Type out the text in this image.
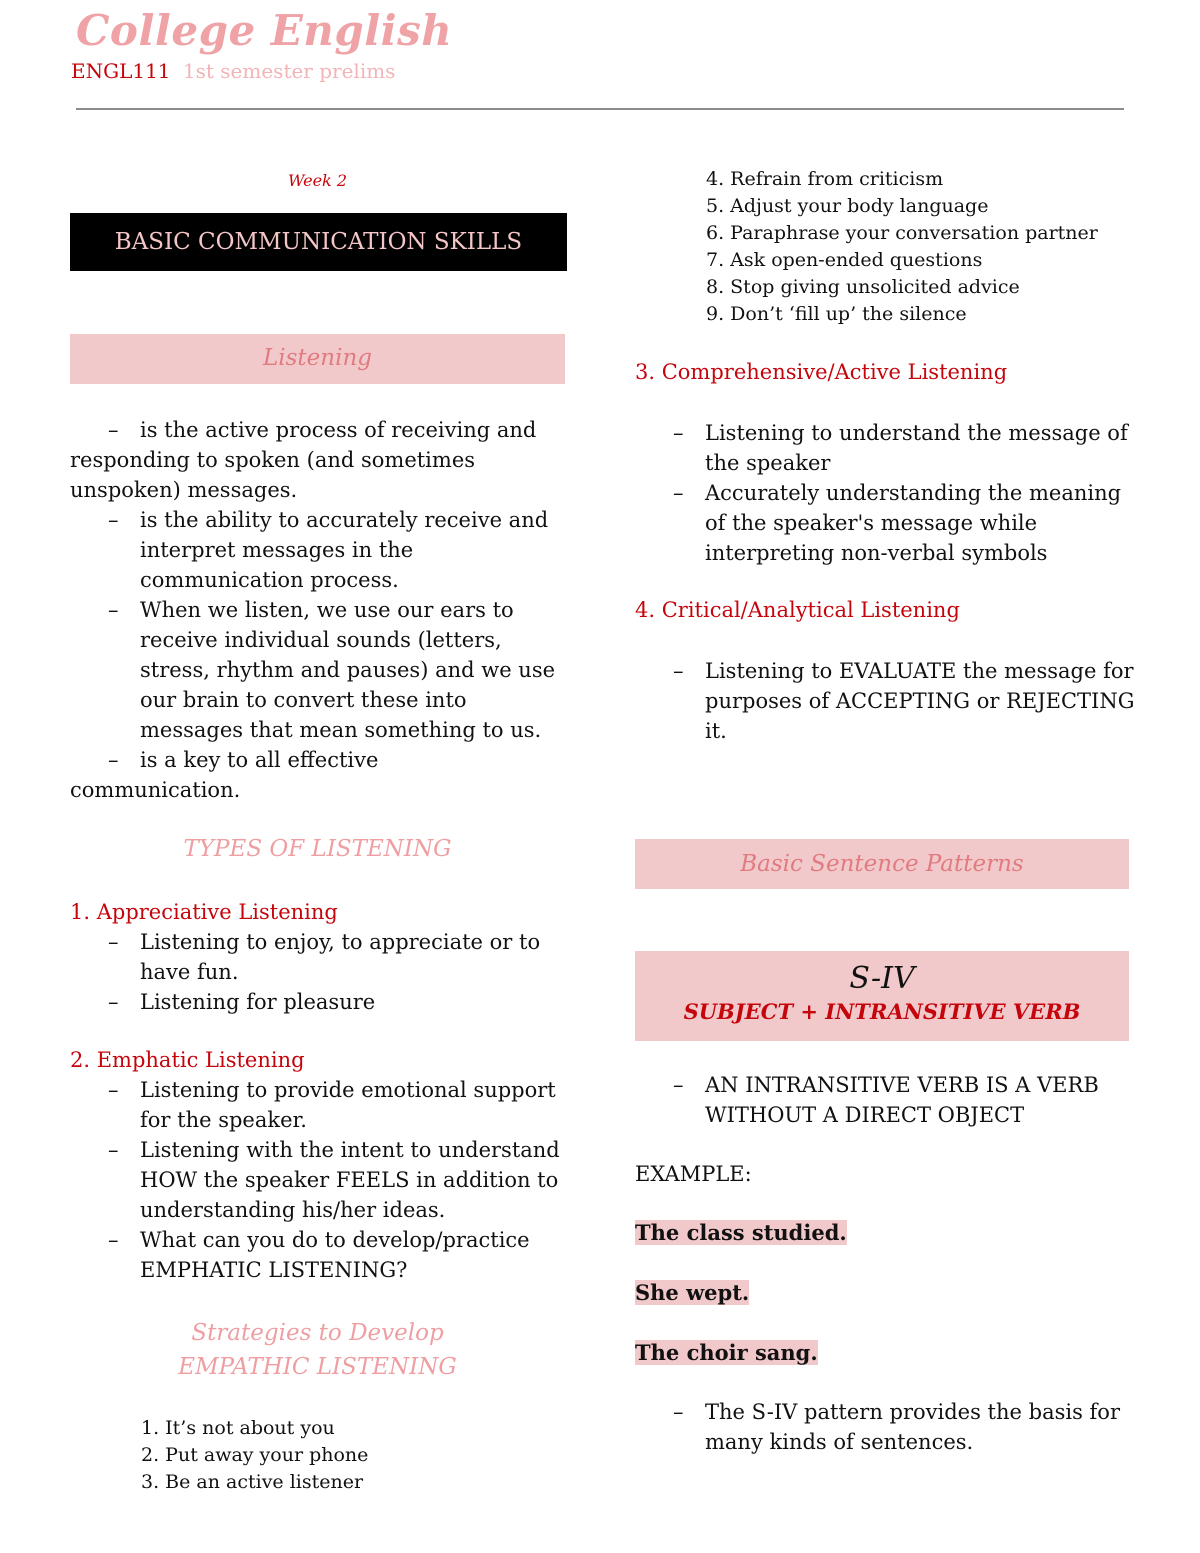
College English
ENGL111 1st semester prelims
Week 2
BASIC COMMUNICATION SKILLS
Listening
– is the active process of receiving and
responding to spoken (and sometimes
unspoken) messages.
– is the ability to accurately receive and
interpret messages in the
communication process.
– When we listen, we use our ears to
receive individual sounds (letters,
stress, rhythm and pauses) and we use
our brain to convert these into
messages that mean something to us.
– is a key to all effective
communication.
TYPES OF LISTENING
1. Appreciative Listening
– Listening to enjoy, to appreciate or to
have fun.
– Listening for pleasure
2. Emphatic Listening
– Listening to provide emotional support
for the speaker.
– Listening with the intent to understand
HOW the speaker FEELS in addition to
understanding his/her ideas.
– What can you do to develop/practice
EMPHATIC LISTENING?
Strategies to Develop
EMPATHIC LISTENING
1. It’s not about you
2. Put away your phone
3. Be an active listener
4. Refrain from criticism
5. Adjust your body language
6. Paraphrase your conversation partner
7. Ask open-ended questions
8. Stop giving unsolicited advice
9. Don’t ‘fill up’ the silence
3. Comprehensive/Active Listening
– Listening to understand the message of
the speaker
– Accurately understanding the meaning
of the speaker's message while
interpreting non-verbal symbols
4. Critical/Analytical Listening
– Listening to EVALUATE the message for
purposes of ACCEPTING or REJECTING
it.
Basic Sentence Patterns
S-IV
SUBJECT + INTRANSITIVE VERB
– AN INTRANSITIVE VERB IS A VERB
WITHOUT A DIRECT OBJECT
EXAMPLE:
The class studied.
She wept.
The choir sang.
– The S-IV pattern provides the basis for
many kinds of sentences.
